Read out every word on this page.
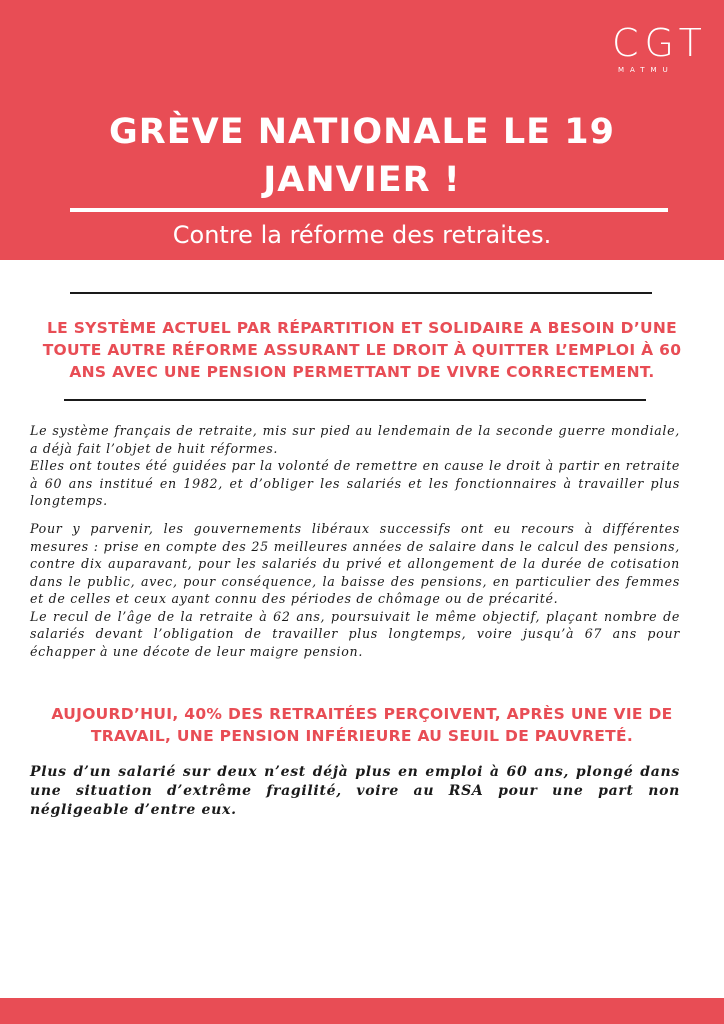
CGT
MATMU
GRÈVE NATIONALE LE 19 JANVIER !
Contre la réforme des retraites.
LE SYSTÈME ACTUEL PAR RÉPARTITION ET SOLIDAIRE A BESOIN D’UNE TOUTE AUTRE RÉFORME ASSURANT LE DROIT À QUITTER L’EMPLOI À 60 ANS AVEC UNE PENSION PERMETTANT DE VIVRE CORRECTEMENT.

Le système français de retraite, mis sur pied au lendemain de la seconde guerre mondiale, a déjà fait l’objet de huit réformes.

Elles ont toutes été guidées par la volonté de remettre en cause le droit à partir en retraite à 60 ans institué en 1982, et d’obliger les salariés et les fonctionnaires à travailler plus longtemps.

Pour y parvenir, les gouvernements libéraux successifs ont eu recours à différentes mesures : prise en compte des 25 meilleures années de salaire dans le calcul des pensions, contre dix auparavant, pour les salariés du privé et allongement de la durée de cotisation dans le public, avec, pour conséquence, la baisse des pensions, en particulier des femmes et de celles et ceux ayant connu des périodes de chômage ou de précarité.

Le recul de l’âge de la retraite à 62 ans, poursuivait le même objectif, plaçant nombre de salariés devant l’obligation de travailler plus longtemps, voire jusqu’à 67 ans pour échapper à une décote de leur maigre pension.

AUJOURD’HUI, 40% DES RETRAITÉES PERÇOIVENT, APRÈS UNE VIE DE TRAVAIL, UNE PENSION INFÉRIEURE AU SEUIL DE PAUVRETÉ.
Plus d’un salarié sur deux n’est déjà plus en emploi à 60 ans, plongé dans une situation d’extrême fragilité, voire au RSA pour une part non négligeable d’entre eux.
